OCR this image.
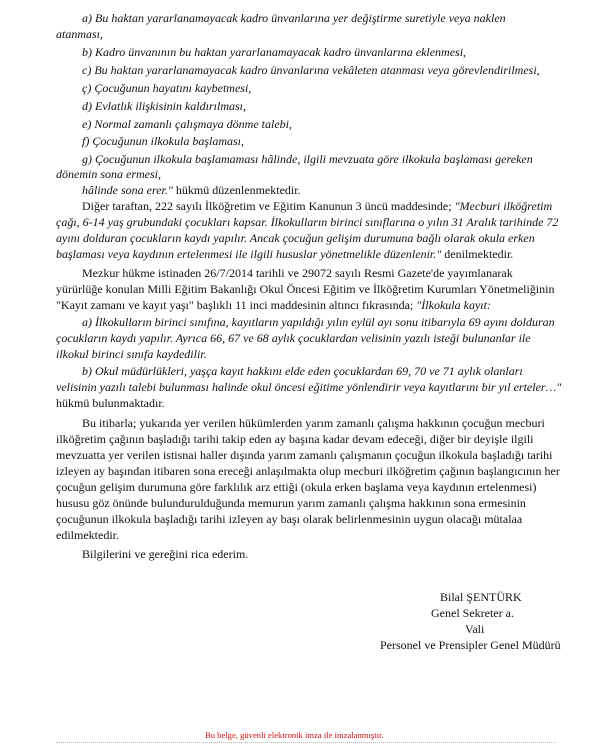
a) Bu haktan yararlanamayacak kadro ünvanlarına yer değiştirme suretiyle veya naklen
atanması,
b) Kadro ünvanının bu haktan yararlanamayacak kadro ünvanlarına eklenmesi,
c) Bu haktan yararlanamayacak kadro ünvanlarına vekâleten atanması veya görevlendirilmesi,
ç) Çocuğunun hayatını kaybetmesi,
d) Evlatlık ilişkisinin kaldırılması,
e) Normal zamanlı çalışmaya dönme talebi,
f) Çocuğunun ilkokula başlaması,
g) Çocuğunun ilkokula başlamaması hâlinde, ilgili mevzuata göre ilkokula başlaması gereken
dönemin sona ermesi,
hâlinde sona erer." hükmü düzenlenmektedir.
Diğer taraftan, 222 sayılı İlköğretim ve Eğitim Kanunun 3 üncü maddesinde; "Mecburi ilköğretim
çağı, 6-14 yaş grubundaki çocukları kapsar. İlkokulların birinci sınıflarına o yılın 31 Aralık tarihinde 72
ayını dolduran çocukların kaydı yapılır. Ancak çocuğun gelişim durumuna bağlı olarak okula erken
başlaması veya kaydının ertelenmesi ile ilgili hususlar yönetmelikle düzenlenir." denilmektedir.
Mezkur hükme istinaden 26/7/2014 tarihli ve 29072 sayılı Resmi Gazete'de yayımlanarak
yürürlüğe konulan Milli Eğitim Bakanlığı Okul Öncesi Eğitim ve İlköğretim Kurumları Yönetmeliğinin
"Kayıt zamanı ve kayıt yaşı" başlıklı 11 inci maddesinin altıncı fıkrasında; "İlkokula kayıt:
a) İlkokulların birinci sınıfına, kayıtların yapıldığı yılın eylül ayı sonu itibarıyla 69 ayını dolduran
çocukların kaydı yapılır. Ayrıca 66, 67 ve 68 aylık çocuklardan velisinin yazılı isteği bulunanlar ile
ilkokul birinci sınıfa kaydedilir.
b) Okul müdürlükleri, yaşça kayıt hakkını elde eden çocuklardan 69, 70 ve 71 aylık olanları
velisinin yazılı talebi bulunması halinde okul öncesi eğitime yönlendirir veya kayıtlarını bir yıl erteler…"
hükmü bulunmaktadır.
Bu itibarla; yukarıda yer verilen hükümlerden yarım zamanlı çalışma hakkının çocuğun mecburi
ilköğretim çağının başladığı tarihi takip eden ay başına kadar devam edeceği, diğer bir deyişle ilgili
mevzuatta yer verilen istisnai haller dışında yarım zamanlı çalışmanın çocuğun ilkokula başladığı tarihi
izleyen ay başından itibaren sona ereceği anlaşılmakta olup mecburi ilköğretim çağının başlangıcının her
çocuğun gelişim durumuna göre farklılık arz ettiği (okula erken başlama veya kaydının ertelenmesi)
hususu göz önünde bulundurulduğunda memurun yarım zamanlı çalışma hakkının sona ermesinin
çocuğunun ilkokula başladığı tarihi izleyen ay başı olarak belirlenmesinin uygun olacağı mütalaa
edilmektedir.
Bilgilerini ve gereğini rica ederim.
Bilal ŞENTÜRK
Genel Sekreter a.
Vali
Personel ve Prensipler Genel Müdürü
Bu belge, güvenli elektronik imza ile imzalanmıştır.
